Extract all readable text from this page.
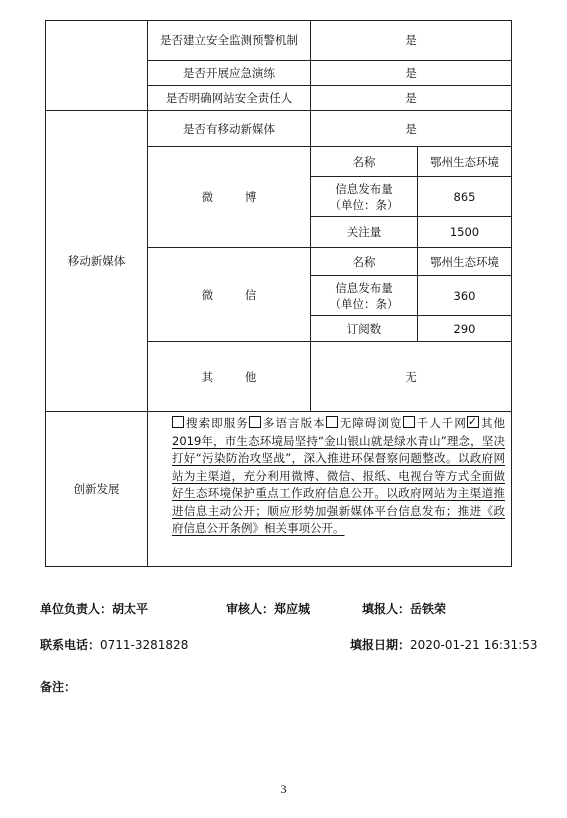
移动新媒体
创新发展
是否建立安全监测预警机制	是
是否开展应急演练	是
是否明确网站安全责任人	是
是否有移动新媒体	是
微 博
名称	鄂州生态环境
信息发布量（单位：条）
865
关注量	1500
微 信
名称	鄂州生态环境
信息发布量（单位：条）
360
订阅数	290
其 他	无
搜索即服务 多语言版本 无障碍浏览 千人千网✓ 其他2019年，市生态环境局坚持“金山银山就是绿水青山”理念，坚决打好“污染防治攻坚战”，深入推进环保督察问题整改。以政府网站为主渠道，充分利用微博、微信、报纸、电视台等方式全面做好生态环境保护重点工作政府信息公开。以政府网站为主渠道推进信息主动公开；顺应形势加强新媒体平台信息发布；推进《政府信息公开条例》相关事项公开。
单位负责人：胡太平	审核人：郑应城	填报人：岳铁荣
联系电话：0711-3281828	填报日期：2020-01-21 16:31:53
备注：
3
